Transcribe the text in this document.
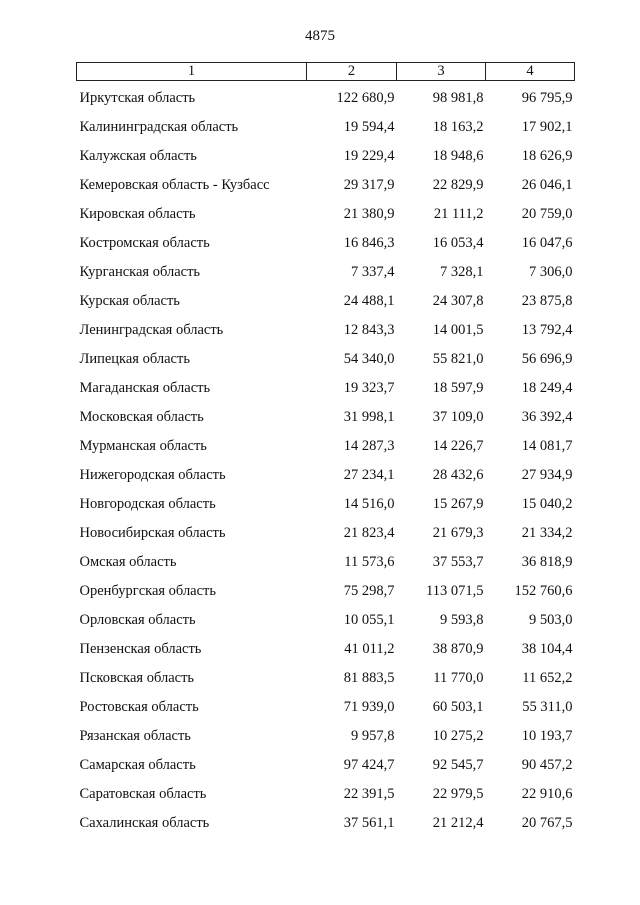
4875
1	2	3	4
Иркутская область	122 680,9	98 981,8	96 795,9
Калининградская область	19 594,4	18 163,2	17 902,1
Калужская область	19 229,4	18 948,6	18 626,9
Кемеровская область - Кузбасс	29 317,9	22 829,9	26 046,1
Кировская область	21 380,9	21 111,2	20 759,0
Костромская область	16 846,3	16 053,4	16 047,6
Курганская область	7 337,4	7 328,1	7 306,0
Курская область	24 488,1	24 307,8	23 875,8
Ленинградская область	12 843,3	14 001,5	13 792,4
Липецкая область	54 340,0	55 821,0	56 696,9
Магаданская область	19 323,7	18 597,9	18 249,4
Московская область	31 998,1	37 109,0	36 392,4
Мурманская область	14 287,3	14 226,7	14 081,7
Нижегородская область	27 234,1	28 432,6	27 934,9
Новгородская область	14 516,0	15 267,9	15 040,2
Новосибирская область	21 823,4	21 679,3	21 334,2
Омская область	11 573,6	37 553,7	36 818,9
Оренбургская область	75 298,7	113 071,5	152 760,6
Орловская область	10 055,1	9 593,8	9 503,0
Пензенская область	41 011,2	38 870,9	38 104,4
Псковская область	81 883,5	11 770,0	11 652,2
Ростовская область	71 939,0	60 503,1	55 311,0
Рязанская область	9 957,8	10 275,2	10 193,7
Самарская область	97 424,7	92 545,7	90 457,2
Саратовская область	22 391,5	22 979,5	22 910,6
Сахалинская область	37 561,1	21 212,4	20 767,5
